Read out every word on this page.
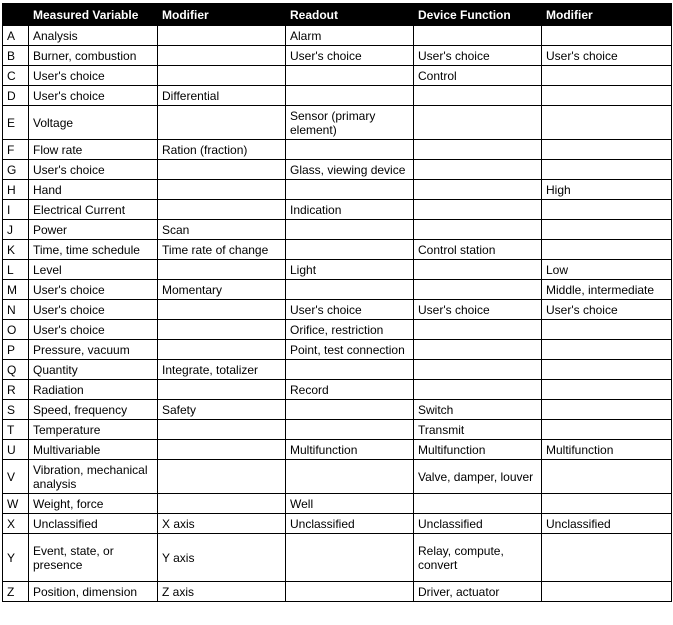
	Measured Variable	Modifier	Readout	Device Function	Modifier
A	Analysis		Alarm		
B	Burner, combustion		User's choice	User's choice	User's choice
C	User's choice			Control	
D	User's choice	Differential			
E	Voltage		Sensor (primary element)		
F	Flow rate	Ration (fraction)			
G	User's choice		Glass, viewing device		
H	Hand				High
I	Electrical Current		Indication		
J	Power	Scan			
K	Time, time schedule	Time rate of change		Control station	
L	Level		Light		Low
M	User's choice	Momentary			Middle, intermediate
N	User's choice		User's choice	User's choice	User's choice
O	User's choice		Orifice, restriction		
P	Pressure, vacuum		Point, test connection		
Q	Quantity	Integrate, totalizer			
R	Radiation		Record		
S	Speed, frequency	Safety		Switch	
T	Temperature			Transmit	
U	Multivariable		Multifunction	Multifunction	Multifunction
V	Vibration, mechanical analysis			Valve, damper, louver	
W	Weight, force		Well		
X	Unclassified	X axis	Unclassified	Unclassified	Unclassified
Y	Event, state, or presence	Y axis		Relay, compute, convert	
Z	Position, dimension	Z axis		Driver, actuator	
